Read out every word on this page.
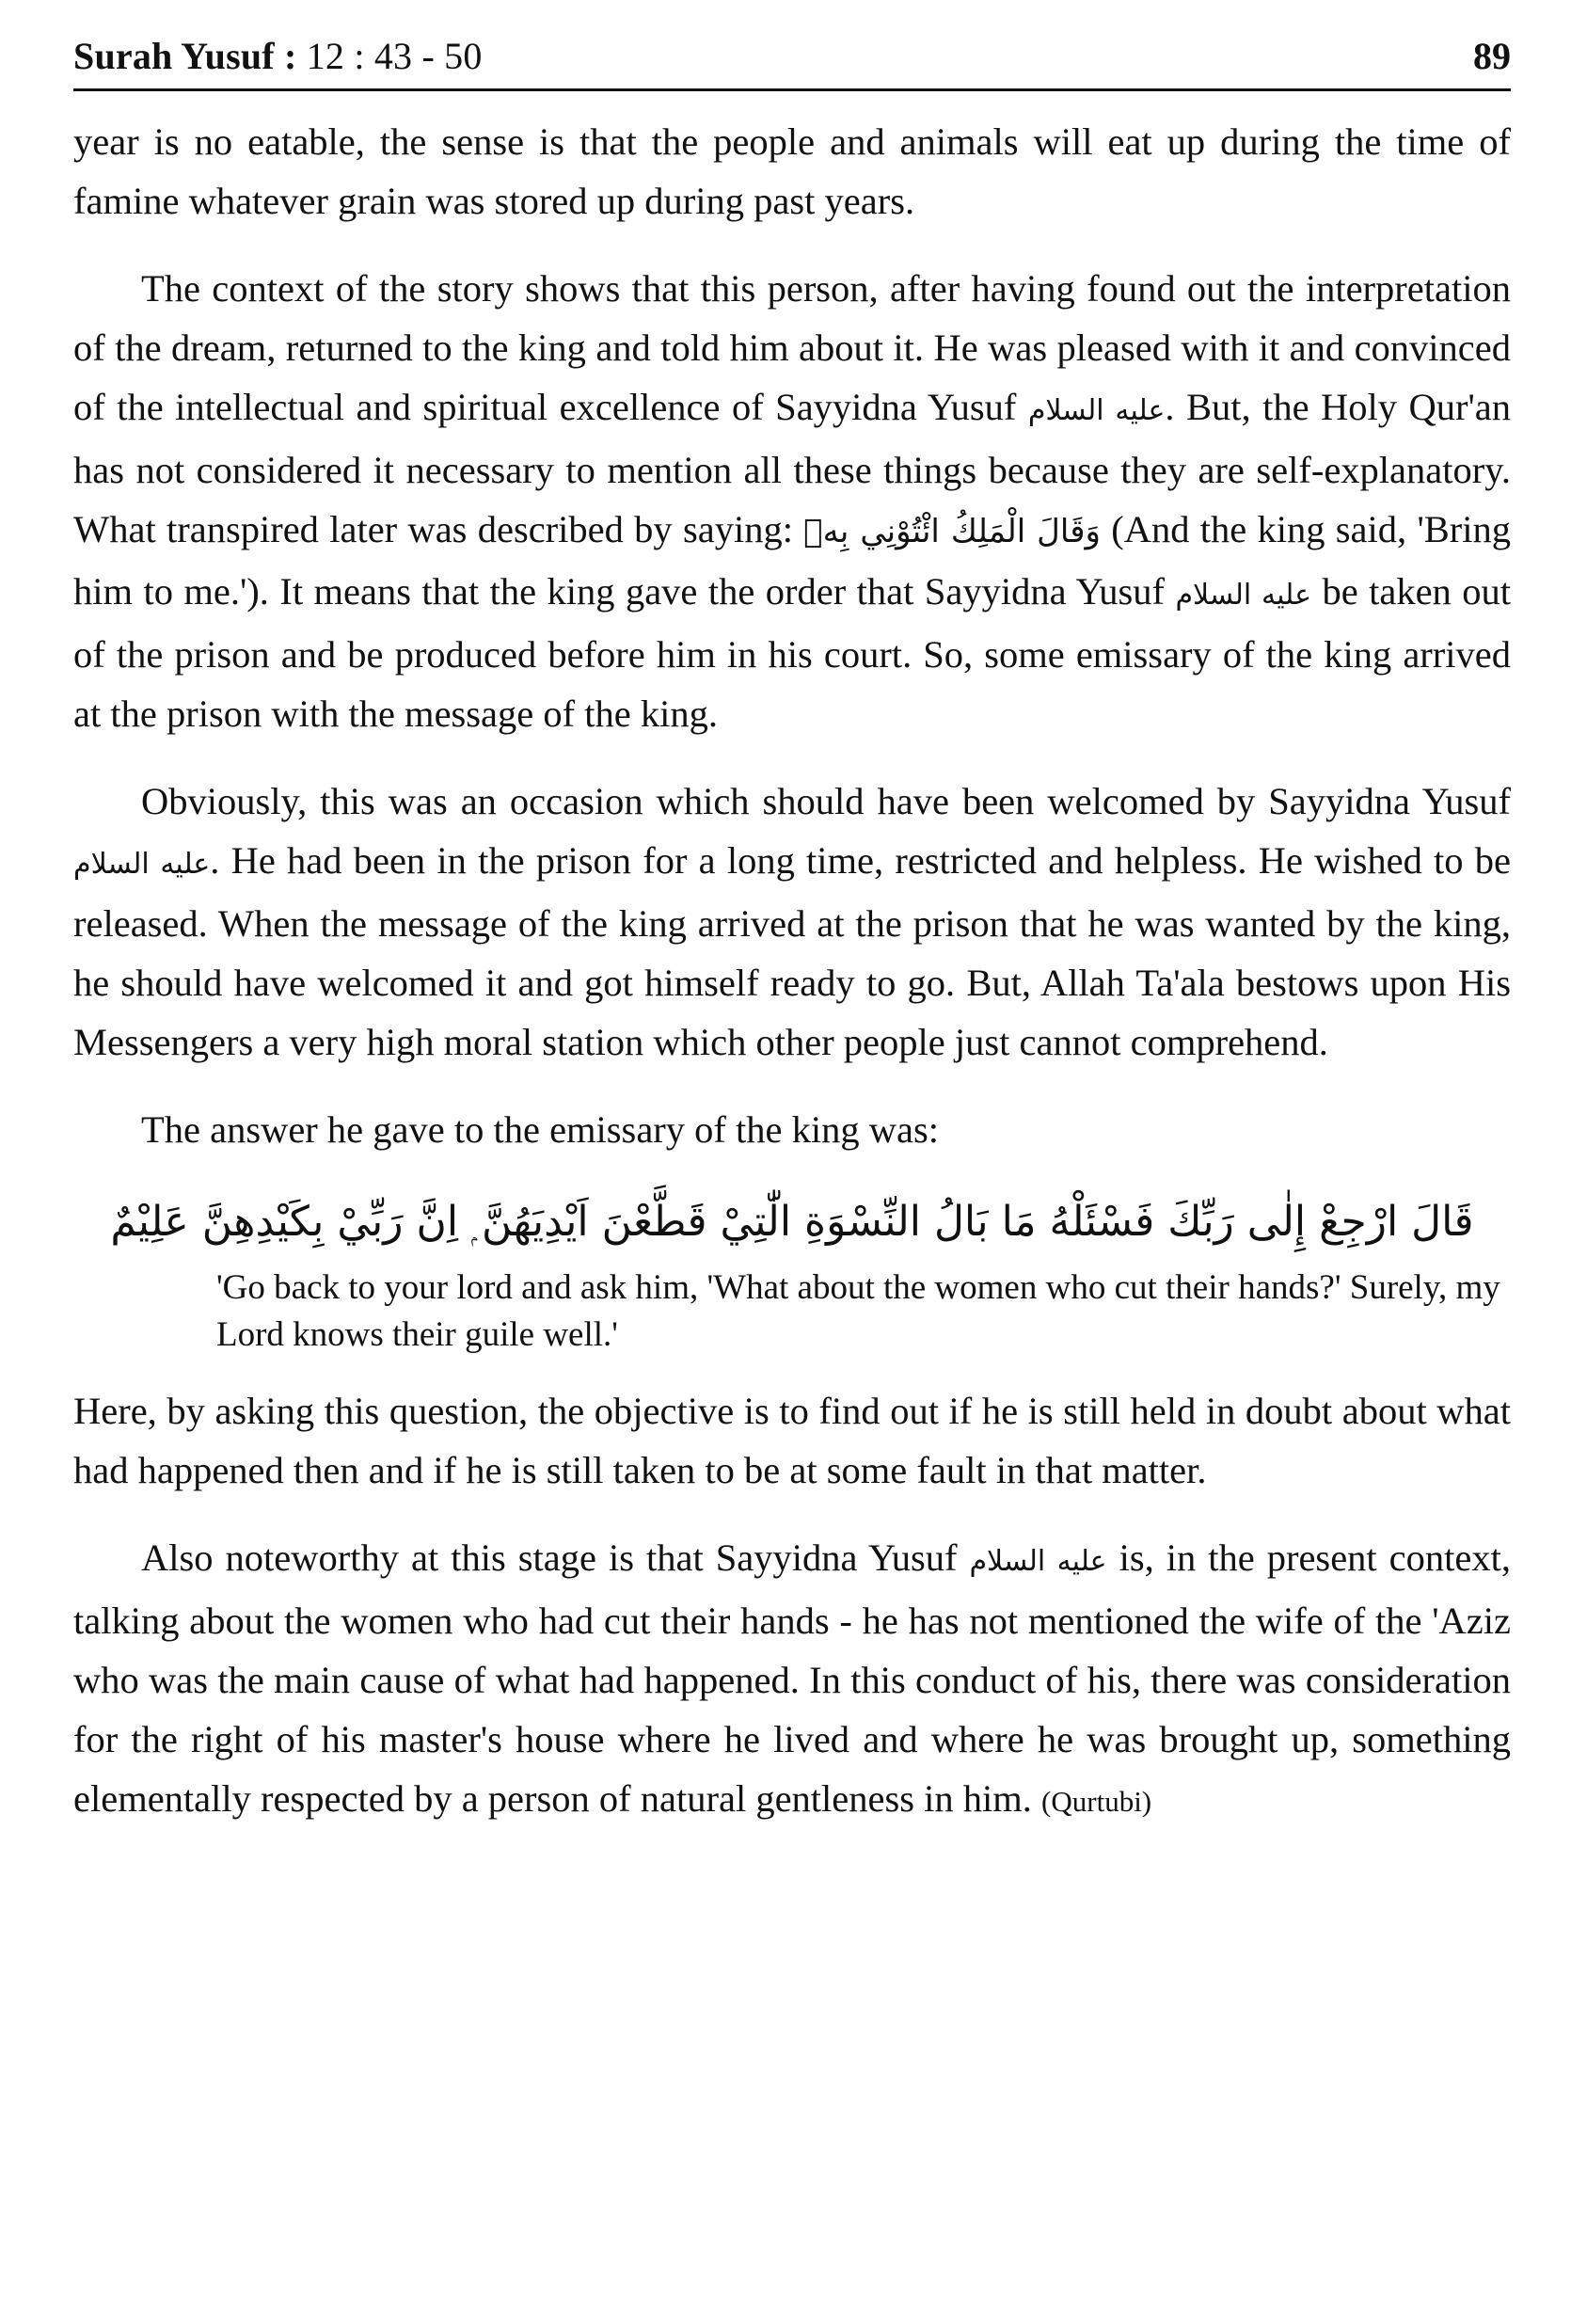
Surah Yusuf : 12 : 43 - 50	89

year is no eatable, the sense is that the people and animals will eat up during the time of famine whatever grain was stored up during past years.

The context of the story shows that this person, after having found out the interpretation of the dream, returned to the king and told him about it. He was pleased with it and convinced of the intellectual and spiritual excellence of Sayyidna Yusuf عليه السلام. But, the Holy Qur'an has not considered it necessary to mention all these things because they are self-explanatory. What transpired later was described by saying: وَقَالَ الْمَلِكُ ائْتُوْنِي بِهٖ (And the king said, 'Bring him to me.'). It means that the king gave the order that Sayyidna Yusuf عليه السلام be taken out of the prison and be produced before him in his court. So, some emissary of the king arrived at the prison with the message of the king.

Obviously, this was an occasion which should have been welcomed by Sayyidna Yusuf عليه السلام. He had been in the prison for a long time, restricted and helpless. He wished to be released. When the message of the king arrived at the prison that he was wanted by the king, he should have welcomed it and got himself ready to go. But, Allah Ta'ala bestows upon His Messengers a very high moral station which other people just cannot comprehend.

The answer he gave to the emissary of the king was:

قَالَ ارْجِعْ إِلٰى رَبِّكَ فَسْئَلْهُ مَا بَالُ النِّسْوَةِ الّٰتِيْ قَطَّعْنَ اَيْدِيَهُنَّ ۭ اِنَّ رَبِّيْ بِكَيْدِهِنَّ عَلِيْمٌ
'Go back to your lord and ask him, 'What about the women who cut their hands?' Surely, my Lord knows their guile well.'

Here, by asking this question, the objective is to find out if he is still held in doubt about what had happened then and if he is still taken to be at some fault in that matter.

Also noteworthy at this stage is that Sayyidna Yusuf عليه السلام is, in the present context, talking about the women who had cut their hands - he has not mentioned the wife of the 'Aziz who was the main cause of what had happened. In this conduct of his, there was consideration for the right of his master's house where he lived and where he was brought up, something elementally respected by a person of natural gentleness in him. (Qurtubi)
